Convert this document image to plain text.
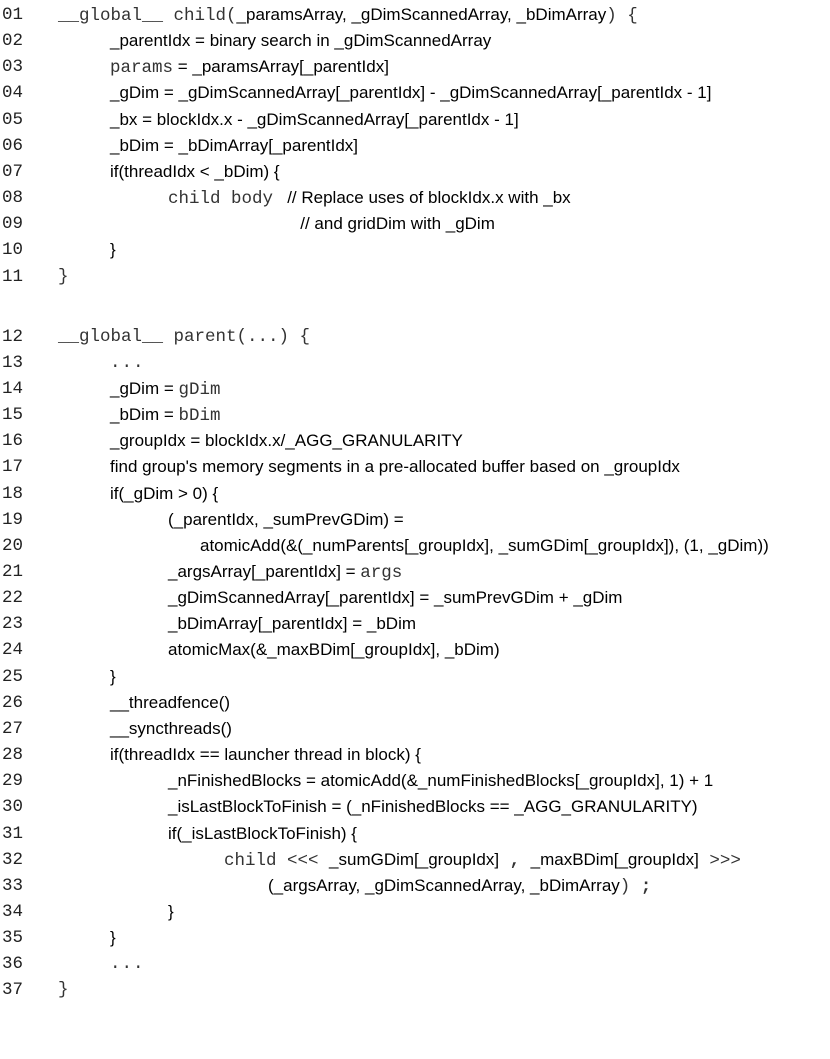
01 __global__ child(_paramsArray, _gDimScannedArray, _bDimArray) {
02	_parentIdx = binary search in _gDimScannedArray
03	params = _paramsArray[_parentIdx]
04	_gDim = _gDimScannedArray[_parentIdx] - _gDimScannedArray[_parentIdx - 1]
05	_bx = blockIdx.x - _gDimScannedArray[_parentIdx - 1]
06	_bDim = _bDimArray[_parentIdx]
07	if(threadIdx < _bDim) {
08	child body   // Replace uses of blockIdx.x with _bx
09	// and gridDim with _gDim
10	}
11 }
12 __global__ parent(...) {
13	...
14	_gDim = gDim
15	_bDim = bDim
16	_groupIdx = blockIdx.x/_AGG_GRANULARITY
17	find group's memory segments in a pre-allocated buffer based on _groupIdx
18	if(_gDim > 0) {
19	(_parentIdx, _sumPrevGDim) =
20	atomicAdd(&(_numParents[_groupIdx], _sumGDim[_groupIdx]), (1, _gDim))
21	_argsArray[_parentIdx] = args
22	_gDimScannedArray[_parentIdx] = _sumPrevGDim + _gDim
23	_bDimArray[_parentIdx] = _bDim
24	atomicMax(&_maxBDim[_groupIdx], _bDim)
25	}
26	__threadfence()
27	__syncthreads()
28	if(threadIdx == launcher thread in block) {
29	_nFinishedBlocks = atomicAdd(&_numFinishedBlocks[_groupIdx], 1) + 1
30	_isLastBlockToFinish = (_nFinishedBlocks == _AGG_GRANULARITY)
31	if(_isLastBlockToFinish) {
32	child <<< _sumGDim[_groupIdx] , _maxBDim[_groupIdx] >>>
33	(_argsArray, _gDimScannedArray, _bDimArray) ;
34	}
35	}
36	...
37 }
